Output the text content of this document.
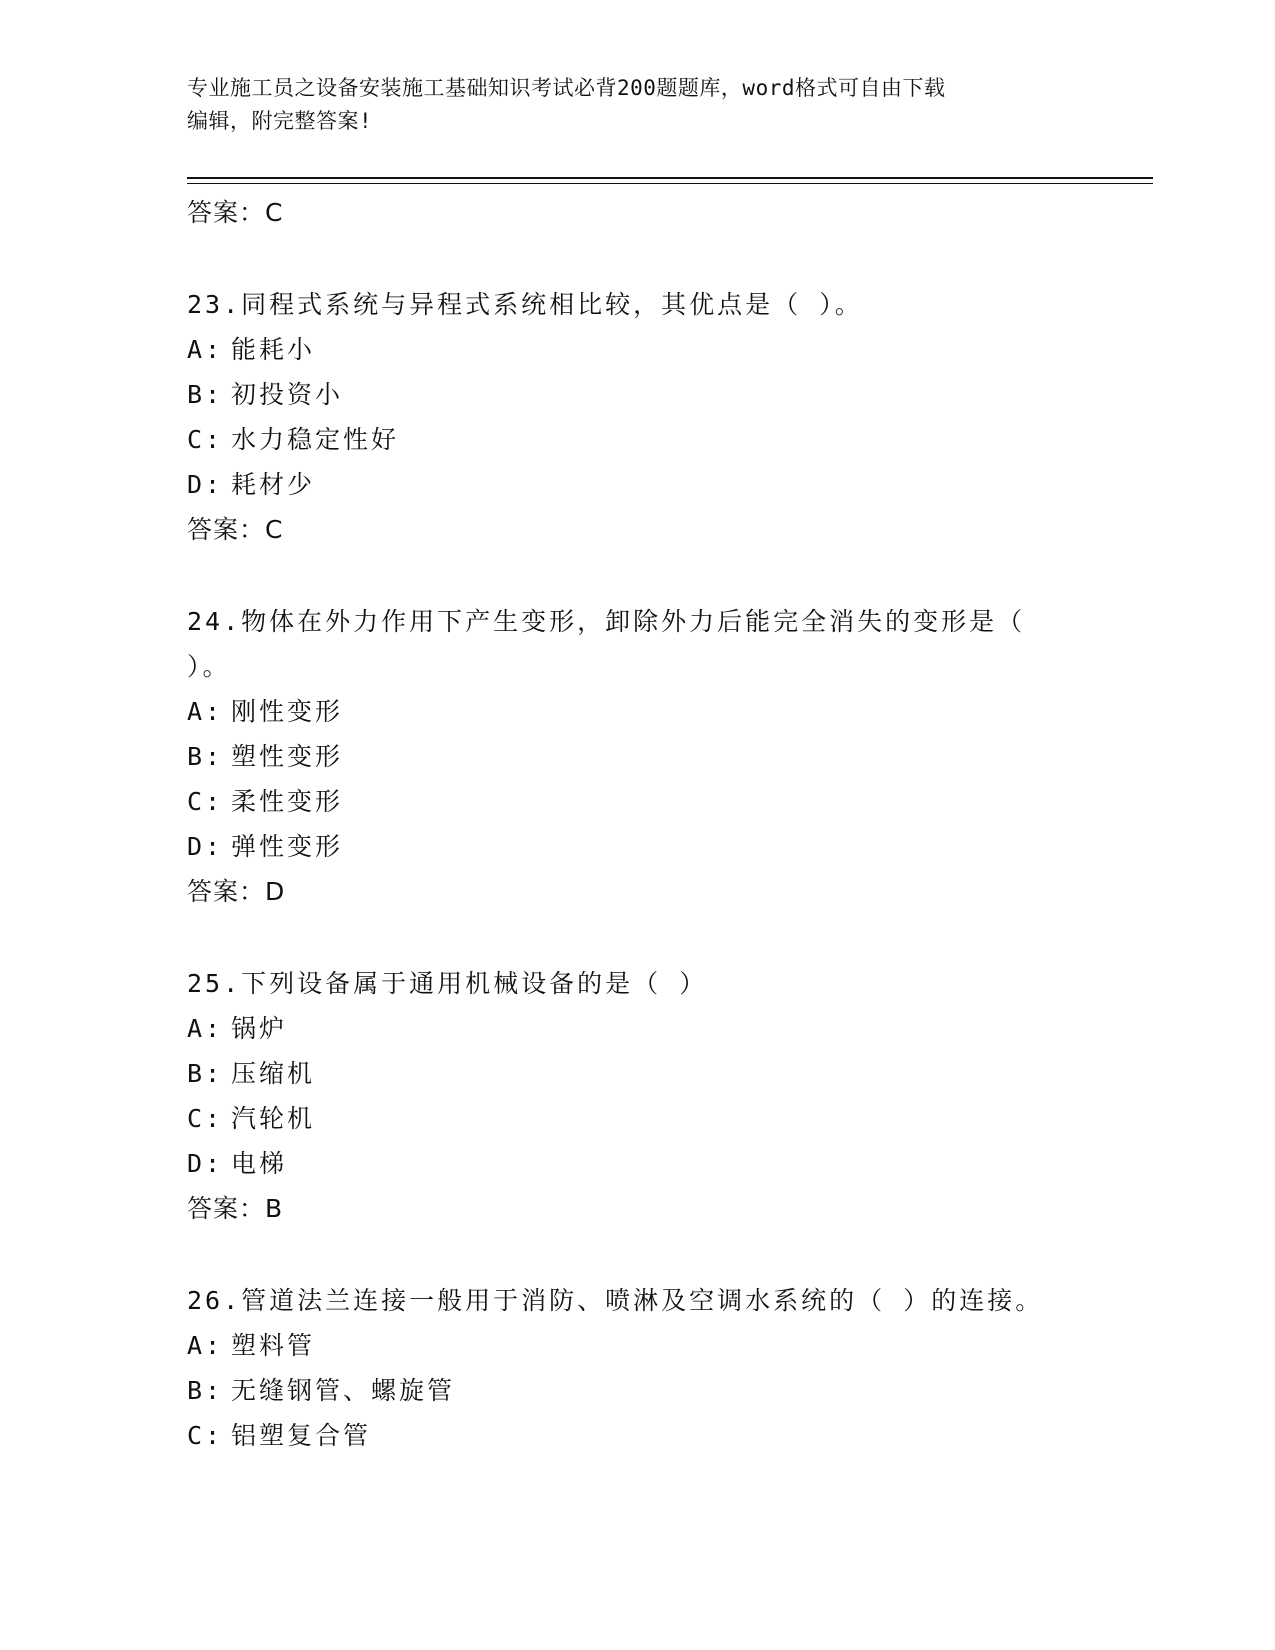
专业施工员之设备安装施工基础知识考试必背200题题库，word格式可自由下载
编辑，附完整答案!
答案：C
23.同程式系统与异程式系统相比较，其优点是（ ）。
A: 能耗小
B: 初投资小
C: 水力稳定性好
D: 耗材少
答案：C
24.物体在外力作用下产生变形，卸除外力后能完全消失的变形是（ ）。
A: 刚性变形
B: 塑性变形
C: 柔性变形
D: 弹性变形
答案：D
25.下列设备属于通用机械设备的是（ ）
A: 锅炉
B: 压缩机
C: 汽轮机
D: 电梯
答案：B
26.管道法兰连接一般用于消防、喷淋及空调水系统的（ ）的连接。
A: 塑料管
B: 无缝钢管、螺旋管
C: 铝塑复合管
